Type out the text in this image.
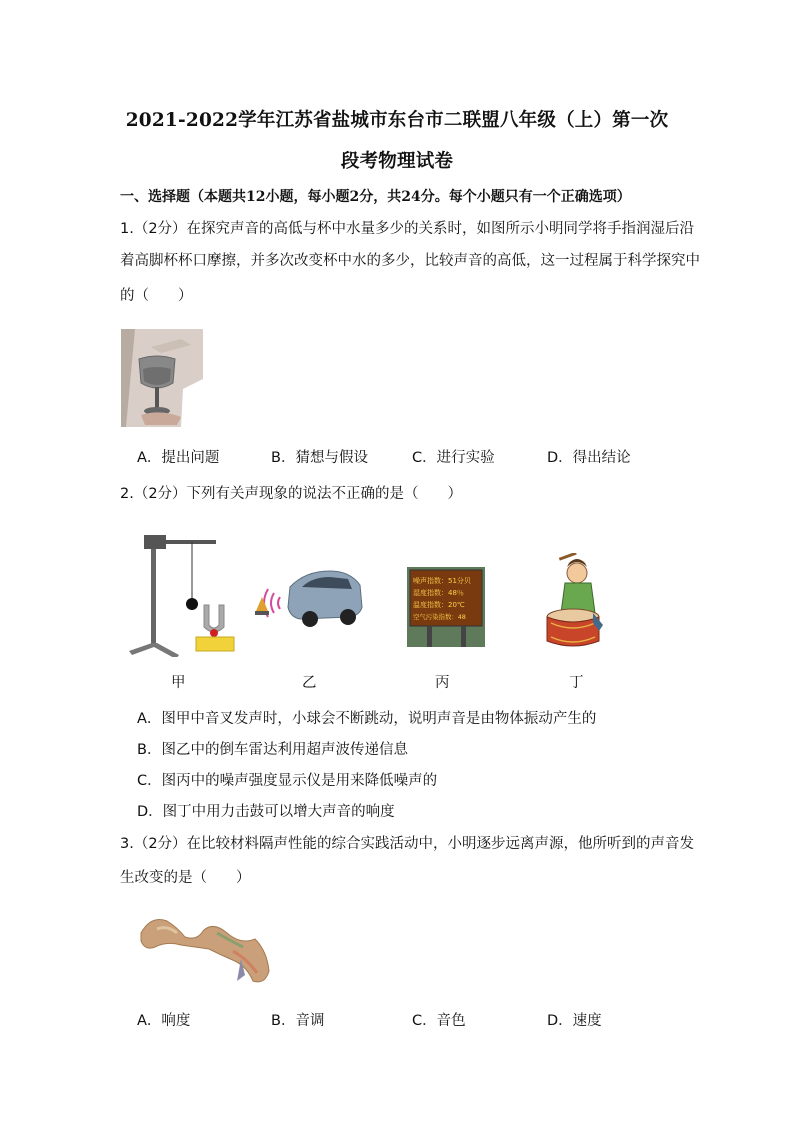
2021-2022学年江苏省盐城市东台市二联盟八年级（上）第一次
段考物理试卷
一、选择题（本题共12小题，每小题2分，共24分。每个小题只有一个正确选项）
1.（2分）在探究声音的高低与杯中水量多少的关系时，如图所示小明同学将手指润湿后沿
着高脚杯杯口摩擦，并多次改变杯中水的多少，比较声音的高低，这一过程属于科学探究中
的（　　）
A．提出问题	B．猜想与假设	C．进行实验	D．得出结论
2.（2分）下列有关声现象的说法不正确的是（　　）
噪声指数：51分贝
湿度指数：48％
温度指数：20℃
空气污染指数：48
甲	乙	丙	丁
A．图甲中音叉发声时，小球会不断跳动，说明声音是由物体振动产生的
B．图乙中的倒车雷达利用超声波传递信息
C．图丙中的噪声强度显示仪是用来降低噪声的
D．图丁中用力击鼓可以增大声音的响度
3.（2分）在比较材料隔声性能的综合实践活动中，小明逐步远离声源，他所听到的声音发
生改变的是（　　）
A．响度	B．音调	C．音色	D．速度
